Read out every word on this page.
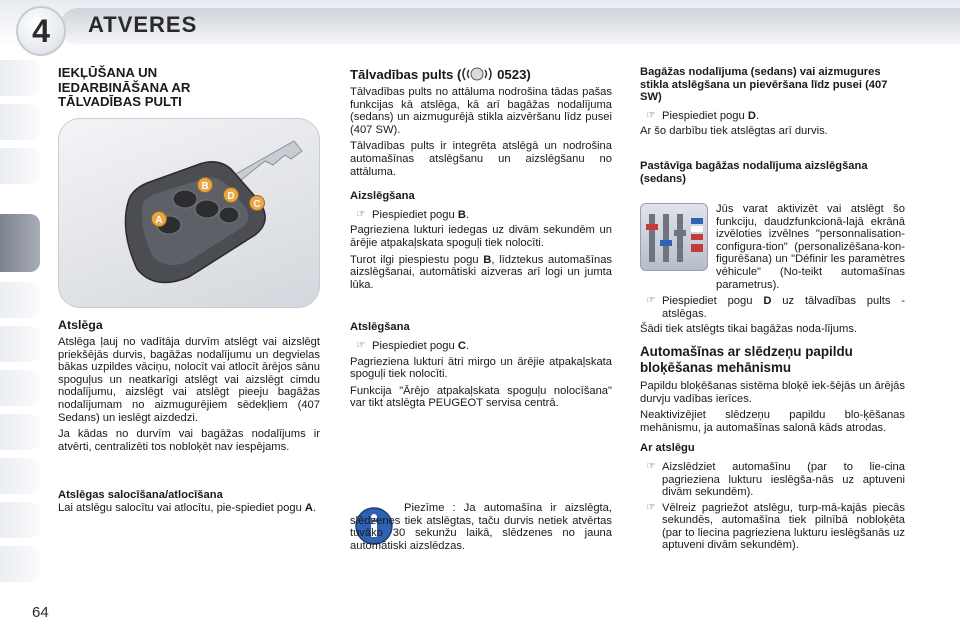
4	ATVERES
64
IEKĻŪŠANA UN
IEDARBINĀŠANA AR
TĀLVADĪBAS PULTI
B
D
C
A
Atslēga

Atslēga ļauj no vadītāja durvīm atslēgt vai aizslēgt priekšējās durvis, bagāžas nodalījumu un degvielas bākas uzpildes vāciņu, nolocīt vai atlocīt ārējos sānu spoguļus un neatkarīgi atslēgt vai aizslēgt cimdu nodalījumu, aizslēgt vai atslēgt pieeju bagāžas nodalījumam no aizmugurējiem sēdekļiem (407 Sedans) un ieslēgt aizdedzi.

Ja kādas no durvīm vai bagāžas nodalījums ir atvērti, centralizēti tos nobloķēt nav iespējams.

Atslēgas salocīšana/atlocīšana

Lai atslēgu salocītu vai atlocītu, pie-spiediet pogu A.

Tālvadības pults (	0523)

Tālvadības pults no attāluma nodrošina tādas pašas funkcijas kā atslēga, kā arī bagāžas nodalījuma (sedans) un aizmugurējā stikla aizvēršanu līdz pusei (407 SW).

Tālvadības pults ir integrēta atslēgā un nodrošina automašīnas atslēgšanu un aizslēgšanu no attāluma.

Aizslēgšana
☞ Piespiediet pogu B.

Pagrieziena lukturi iedegas uz divām sekundēm un ārējie atpakaļskata spoguļi tiek nolocīti.

Turot ilgi piespiestu pogu B, līdztekus automašīnas aizslēgšanai, automātiski aizveras arī logi un jumta lūka.

Atslēgšana
☞ Piespiediet pogu C.

Pagrieziena lukturi ātri mirgo un ārējie atpakaļskata spoguļi tiek nolocīti.

Funkcija "Ārējo atpakaļskata spoguļu nolocīšana" var tikt atslēgta PEUGEOT servisa centrā.

Piezīme : Ja automašīna ir aizslēgta, slēdzenes tiek atslēgtas, taču durvis netiek atvērtas tuvāko 30 sekunžu laikā, slēdzenes no jauna automātiski aizslēdzas.

Bagāžas nodalījuma (sedans) vai aizmugures stikla atslēgšana un pievēršana līdz pusei (407 SW)
☞ Piespiediet pogu D.

Ar šo darbību tiek atslēgtas arī durvis.

Pastāvīga bagāžas nodalījuma aizslēgšana (sedans)

Jūs varat aktivizēt vai atslēgt šo funkciju, daudzfunkcionā-lajā ekrānā izvēloties izvēlnes "personnalisation-configura-tion" (personalizēšana-kon-figurēšana) un "Définir les paramètres véhicule" (No-teikt automašīnas parametrus).

☞ Piespiediet pogu D uz tālvadības pults - atslēgas.

Šādi tiek atslēgts tikai bagāžas noda-lījums.

Automašīnas ar slēdzeņu papildu bloķēšanas mehānismu

Papildu bloķēšanas sistēma bloķē iek-šējās un ārējās durvju vadības ierīces.

Neaktivizējiet slēdzeņu papildu blo-ķēšanas mehānismu, ja automašīnas salonā kāds atrodas.

Ar atslēgu
☞ Aizslēdziet automašīnu (par to lie-cina pagrieziena lukturu ieslēgša-nās uz aptuveni divām sekundēm).
☞ Vēlreiz pagriežot atslēgu, turp-mā-kajās piecās sekundēs, automašīna tiek pilnībā nobloķēta (par to liecina pagrieziena lukturu ieslēgšanās uz aptuveni divām sekundēm).
